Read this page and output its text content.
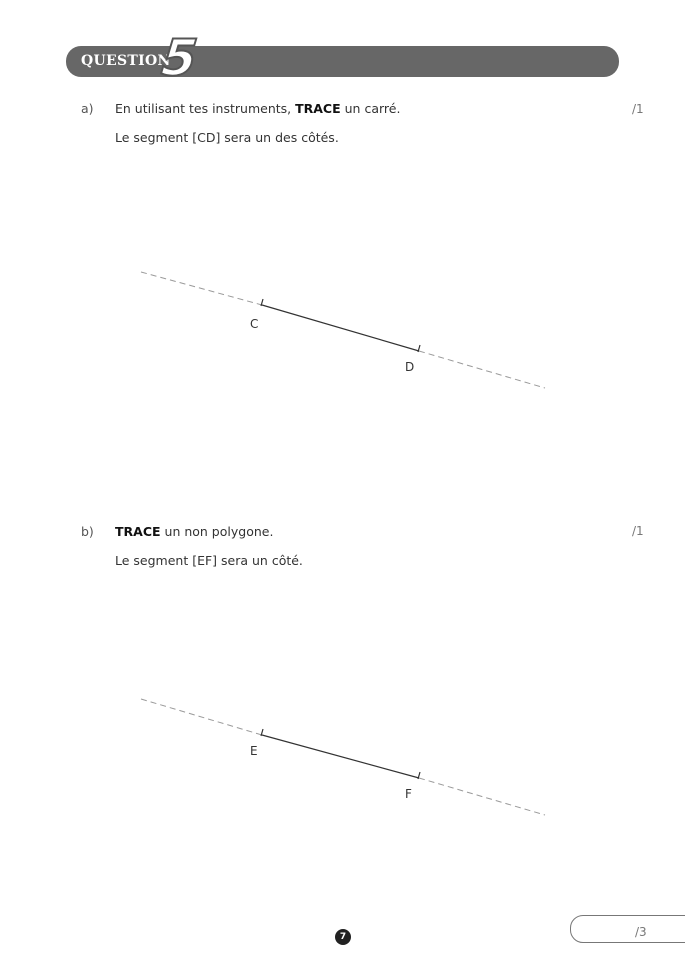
QUESTION
5
a) En utilisant tes instruments, TRACE un carré.	/1
Le segment [CD] sera un des côtés.
C
D
b) TRACE un non polygone.	/1
Le segment [EF] sera un côté.
E
F
/3
7
